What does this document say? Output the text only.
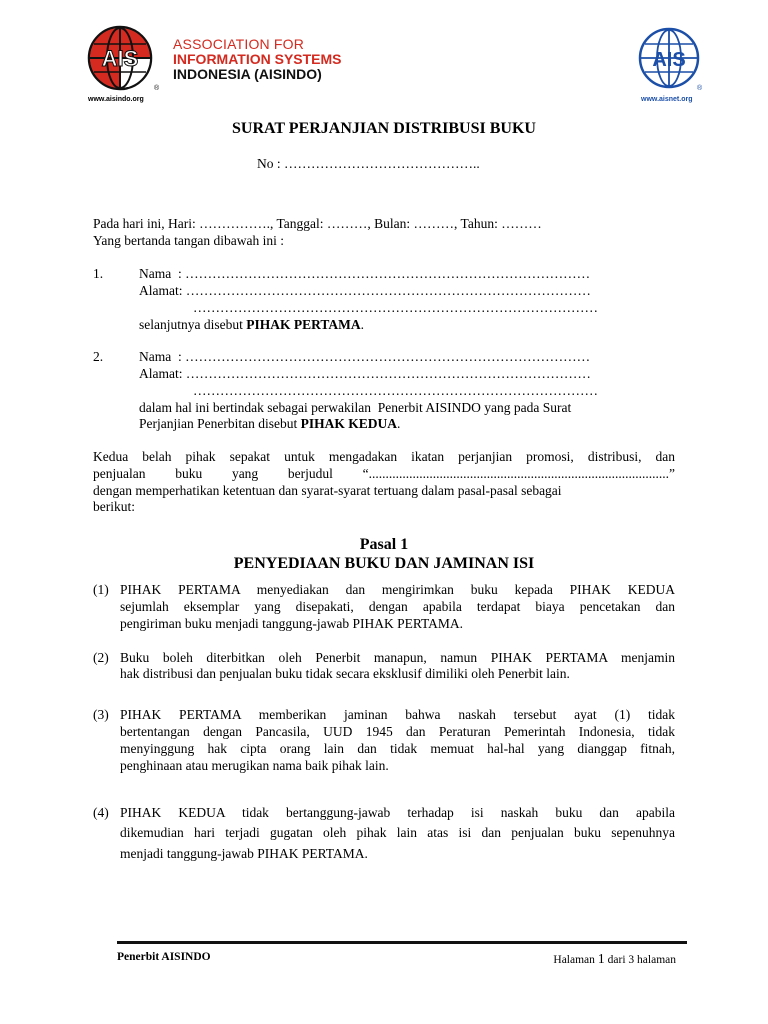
AIS
®
www.aisindo.org
ASSOCIATION FOR
INFORMATION SYSTEMS
INDONESIA (AISINDO)
AIS
®
www.aisnet.org
SURAT PERJANJIAN DISTRIBUSI BUKU
No : ……………………………………..
Pada hari ini, Hari: ……………., Tanggal: ………, Bulan: ………, Tahun: ………
Yang bertanda tangan dibawah ini :
1.	Nama  : ………………………………………………………………………………
Alamat: ………………………………………………………………………………
………………………………………………………………………………
selanjutnya disebut PIHAK PERTAMA.
2.	Nama  : ………………………………………………………………………………
Alamat: ………………………………………………………………………………
………………………………………………………………………………
dalam hal ini bertindak sebagai perwakilan  Penerbit AISINDO yang pada Surat
Perjanjian Penerbitan disebut PIHAK KEDUA.
Kedua belah pihak sepakat untuk mengadakan ikatan perjanjian promosi, distribusi, dan
penjualan buku yang berjudul “.........................................................................................”
dengan memperhatikan ketentuan dan syarat-syarat tertuang dalam pasal-pasal sebagai
berikut:
Pasal 1
PENYEDIAAN BUKU DAN JAMINAN ISI
(1) PIHAK PERTAMA menyediakan dan mengirimkan buku kepada PIHAK KEDUA
sejumlah eksemplar yang disepakati, dengan apabila terdapat biaya pencetakan dan
pengiriman buku menjadi tanggung-jawab PIHAK PERTAMA.
(2) Buku boleh diterbitkan oleh Penerbit manapun, namun PIHAK PERTAMA menjamin
hak distribusi dan penjualan buku tidak secara eksklusif dimiliki oleh Penerbit lain.
(3) PIHAK PERTAMA memberikan jaminan bahwa naskah tersebut ayat (1) tidak
bertentangan dengan Pancasila, UUD 1945 dan Peraturan Pemerintah Indonesia, tidak
menyinggung hak cipta orang lain dan tidak memuat hal-hal yang dianggap fitnah,
penghinaan atau merugikan nama baik pihak lain.
(4) PIHAK KEDUA tidak bertanggung-jawab terhadap isi naskah buku dan apabila
dikemudian hari terjadi gugatan oleh pihak lain atas isi dan penjualan buku sepenuhnya
menjadi tanggung-jawab PIHAK PERTAMA.
Penerbit AISINDO	Halaman 1 dari 3 halaman
